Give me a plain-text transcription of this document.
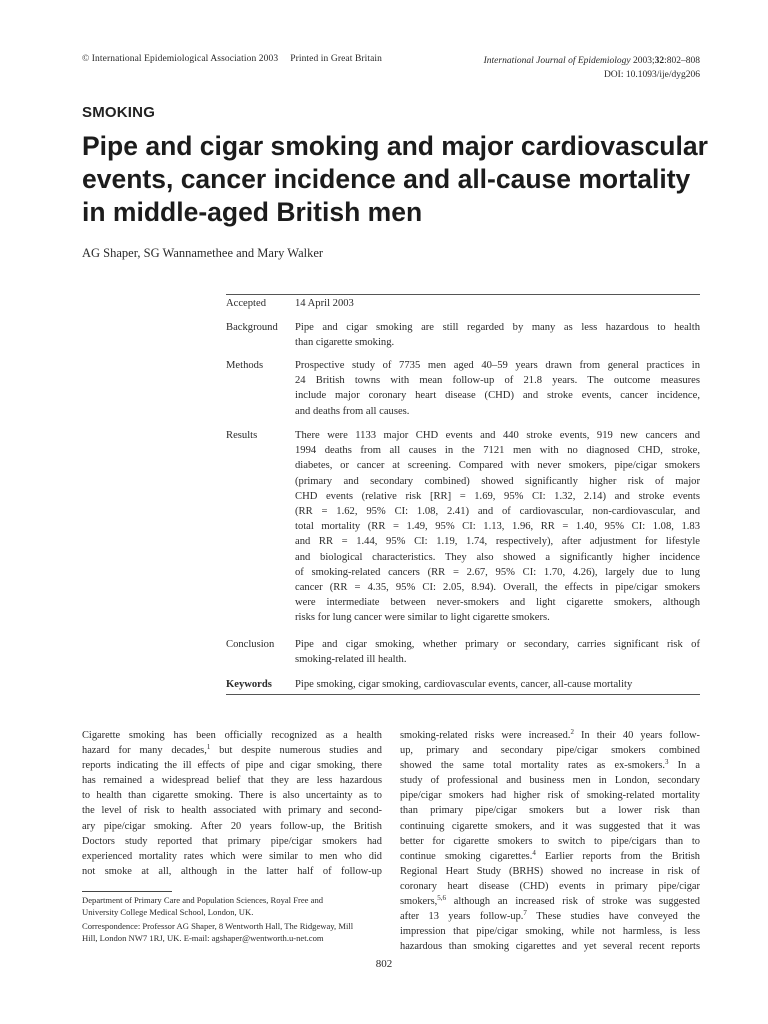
© International Epidemiological Association 2003 Printed in Great Britain	International Journal of Epidemiology 2003;32:802–808
DOI: 10.1093/ije/dyg206
SMOKING
Pipe and cigar smoking and major cardiovascular
events, cancer incidence and all-cause mortality
in middle-aged British men
AG Shaper, SG Wannamethee and Mary Walker
Accepted	14 April 2003
Background	Pipe and cigar smoking are still regarded by many as less hazardous to health
than cigarette smoking.
Methods	Prospective study of 7735 men aged 40–59 years drawn from general practices in
24 British towns with mean follow-up of 21.8 years. The outcome measures
include major coronary heart disease (CHD) and stroke events, cancer incidence,
and deaths from all causes.
Results	There were 1133 major CHD events and 440 stroke events, 919 new cancers and
1994 deaths from all causes in the 7121 men with no diagnosed CHD, stroke,
diabetes, or cancer at screening. Compared with never smokers, pipe/cigar smokers
(primary and secondary combined) showed significantly higher risk of major
CHD events (relative risk [RR] = 1.69, 95% CI: 1.32, 2.14) and stroke events
(RR = 1.62, 95% CI: 1.08, 2.41) and of cardiovascular, non-cardiovascular, and
total mortality (RR = 1.49, 95% CI: 1.13, 1.96, RR = 1.40, 95% CI: 1.08, 1.83
and RR = 1.44, 95% CI: 1.19, 1.74, respectively), after adjustment for lifestyle
and biological characteristics. They also showed a significantly higher incidence
of smoking-related cancers (RR = 2.67, 95% CI: 1.70, 4.26), largely due to lung
cancer (RR = 4.35, 95% CI: 2.05, 8.94). Overall, the effects in pipe/cigar smokers
were intermediate between never-smokers and light cigarette smokers, although
risks for lung cancer were similar to light cigarette smokers.
Conclusion	Pipe and cigar smoking, whether primary or secondary, carries significant risk of
smoking-related ill health.
Keywords	Pipe smoking, cigar smoking, cardiovascular events, cancer, all-cause mortality
Cigarette smoking has been officially recognized as a health
hazard for many decades,$^1$ but despite numerous studies and
reports indicating the ill effects of pipe and cigar smoking, there
has remained a widespread belief that they are less hazardous
to health than cigarette smoking. There is also uncertainty as to
the level of risk to health associated with primary and second-
ary pipe/cigar smoking. After 20 years follow-up, the British
Doctors study reported that primary pipe/cigar smokers had
experienced mortality rates which were similar to men who did
not smoke at all, although in the latter half of follow-up
Department of Primary Care and Population Sciences, Royal Free and
University College Medical School, London, UK.
Correspondence: Professor AG Shaper, 8 Wentworth Hall, The Ridgeway, Mill
Hill, London NW7 1RJ, UK. E-mail: agshaper@wentworth.u-net.com
smoking-related risks were increased.$^2$ In their 40 years follow-
up, primary and secondary pipe/cigar smokers combined
showed the same total mortality rates as ex-smokers.$^3$ In a
study of professional and business men in London, secondary
pipe/cigar smokers had higher risk of smoking-related mortality
than primary pipe/cigar smokers but a lower risk than
continuing cigarette smokers, and it was suggested that it was
better for cigarette smokers to switch to pipe/cigars than to
continue smoking cigarettes.$^4$ Earlier reports from the British
Regional Heart Study (BRHS) showed no increase in risk of
coronary heart disease (CHD) events in primary pipe/cigar
smokers,$^{5,6}$ although an increased risk of stroke was suggested
after 13 years follow-up.$^7$ These studies have conveyed the
impression that pipe/cigar smoking, while not harmless, is less
hazardous than smoking cigarettes and yet several recent reports
802
